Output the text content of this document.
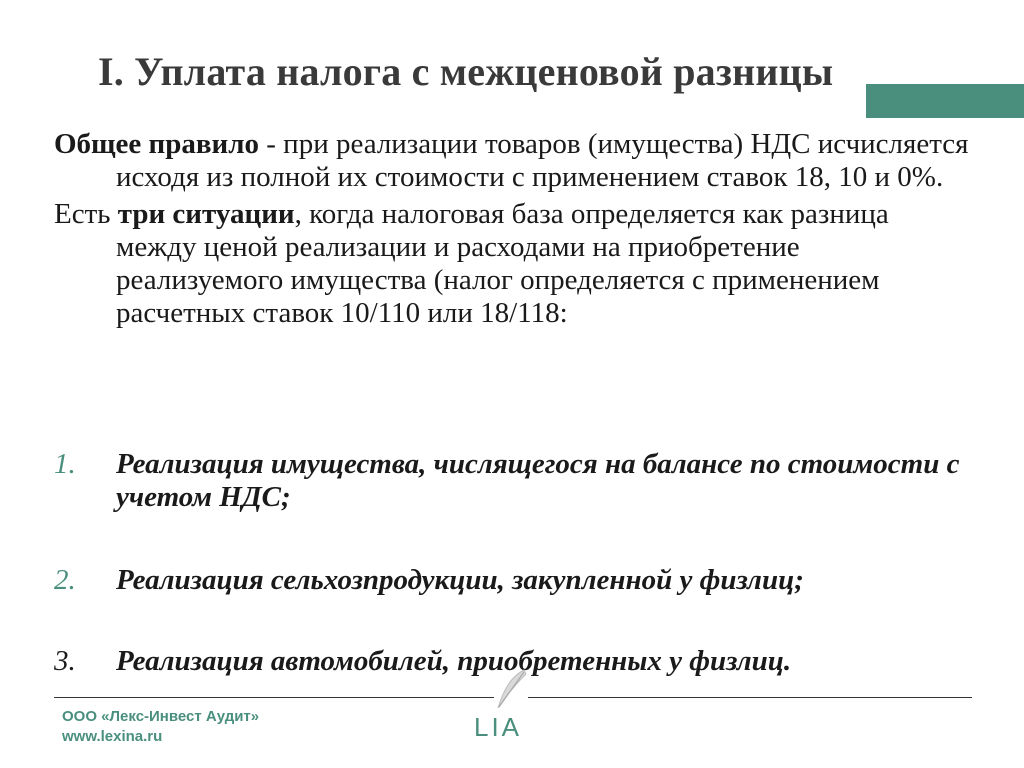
I. Уплата налога с межценовой разницы

Общее правило - при реализации товаров (имущества) НДС исчисляется исходя из полной их стоимости с применением ставок 18, 10 и 0%.

Есть три ситуации, когда налоговая база определяется как разница между ценой реализации и расходами на приобретение реализуемого имущества (налог определяется с применением расчетных ставок 10/110 или 18/118:

1.	Реализация имущества, числящегося на балансе по стоимости с учетом НДС;
2.	Реализация сельхозпродукции, закупленной у физлиц;
3.	Реализация автомобилей, приобретенных у физлиц.
ООО «Лекс-Инвест Аудит»
www.lexina.ru	LIA
